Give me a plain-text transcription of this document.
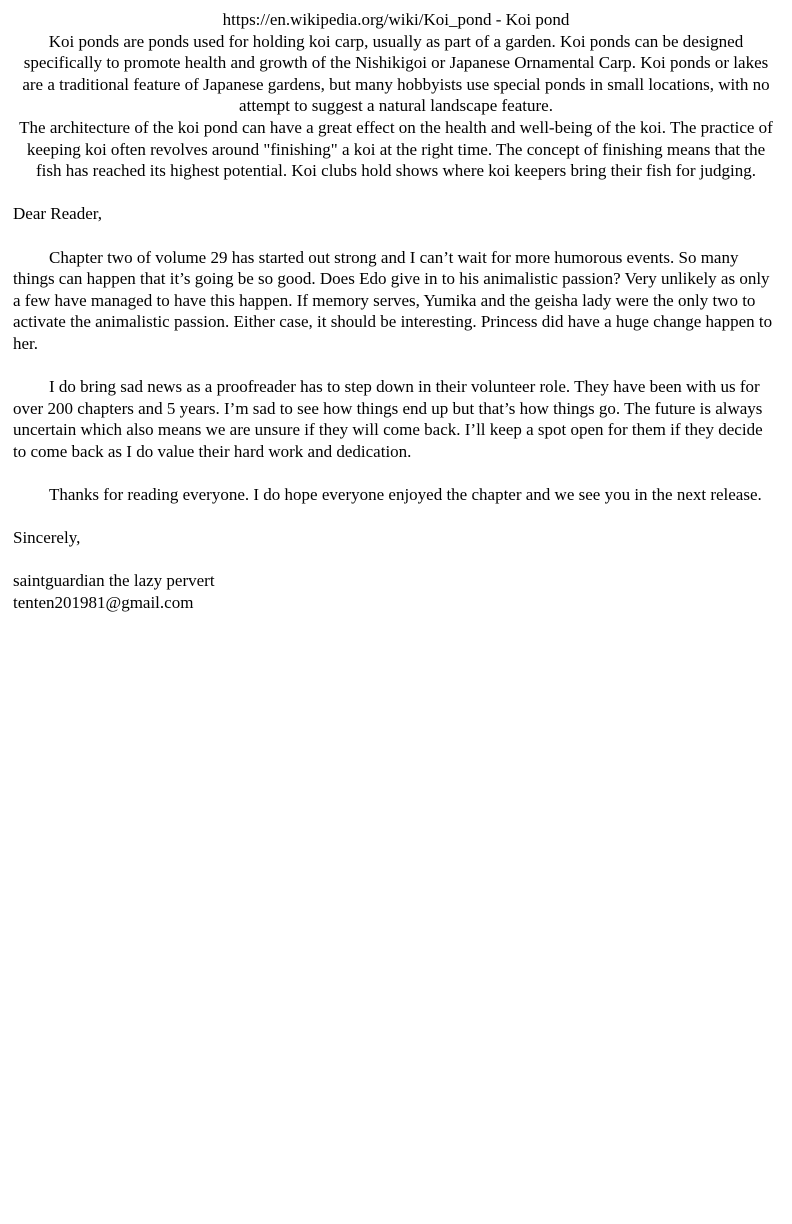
https://en.wikipedia.org/wiki/Koi_pond - Koi pond
Koi ponds are ponds used for holding koi carp, usually as part of a garden. Koi ponds can be designed specifically to promote health and growth of the Nishikigoi or Japanese Ornamental Carp. Koi ponds or lakes are a traditional feature of Japanese gardens, but many hobbyists use special ponds in small locations, with no attempt to suggest a natural landscape feature.
The architecture of the koi pond can have a great effect on the health and well-being of the koi. The practice of keeping koi often revolves around "finishing" a koi at the right time. The concept of finishing means that the fish has reached its highest potential. Koi clubs hold shows where koi keepers bring their fish for judging.

Dear Reader,

Chapter two of volume 29 has started out strong and I can’t wait for more humorous events. So many things can happen that it’s going be so good. Does Edo give in to his animalistic passion? Very unlikely as only a few have managed to have this happen. If memory serves, Yumika and the geisha lady were the only two to activate the animalistic passion. Either case, it should be interesting. Princess did have a huge change happen to her.

I do bring sad news as a proofreader has to step down in their volunteer role. They have been with us for over 200 chapters and 5 years. I’m sad to see how things end up but that’s how things go. The future is always uncertain which also means we are unsure if they will come back. I’ll keep a spot open for them if they decide to come back as I do value their hard work and dedication.

Thanks for reading everyone. I do hope everyone enjoyed the chapter and we see you in the next release.

Sincerely,

saintguardian the lazy pervert
tenten201981@gmail.com
